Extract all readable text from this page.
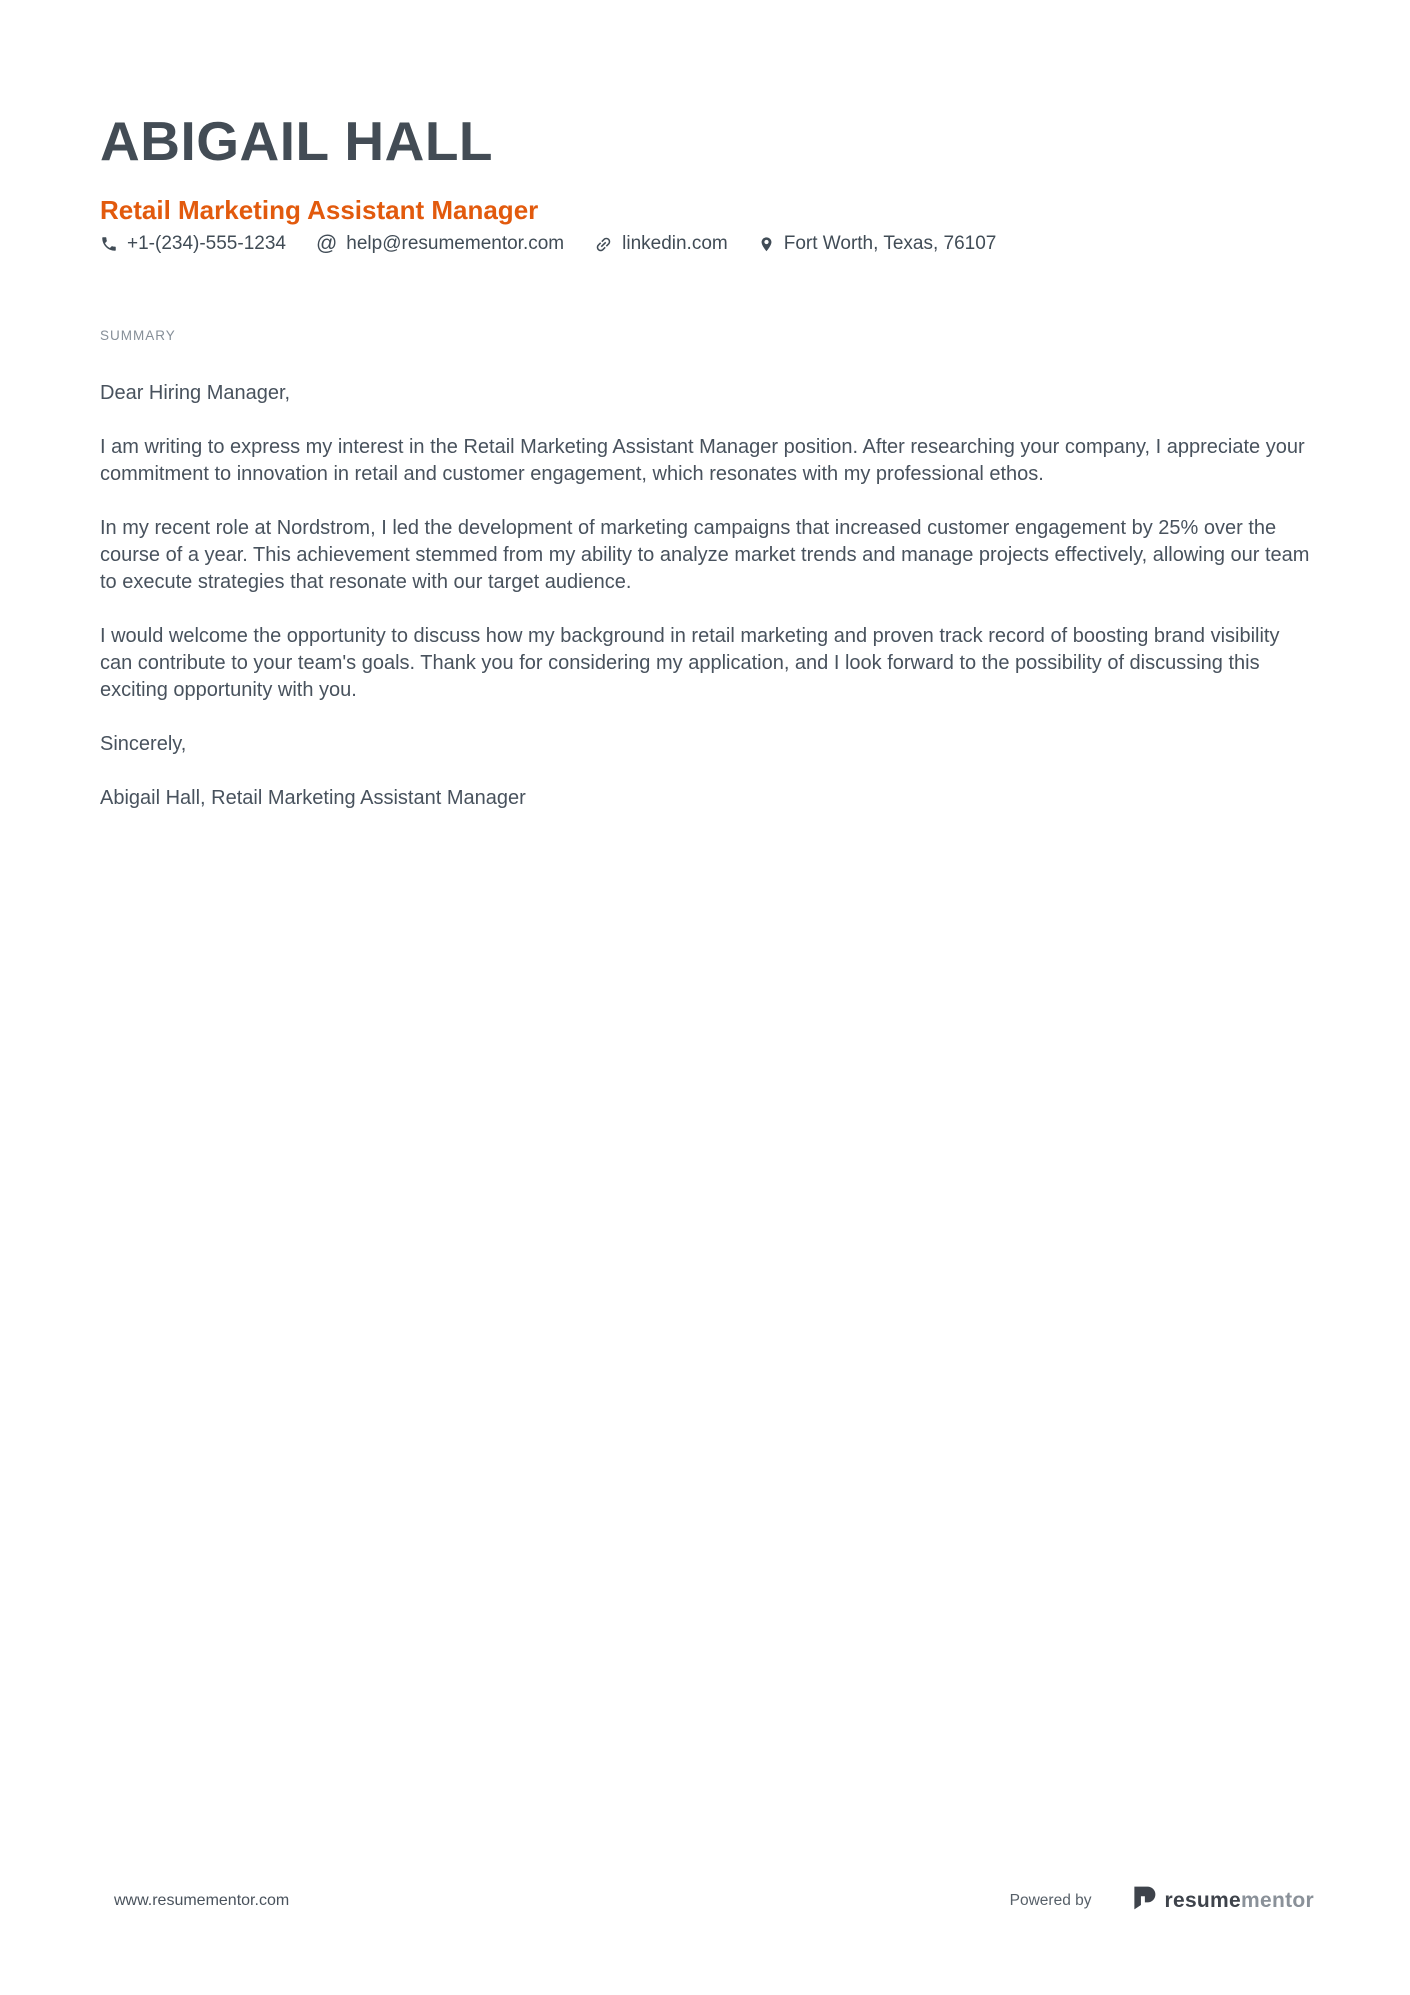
ABIGAIL HALL
Retail Marketing Assistant Manager
+1-(234)-555-1234 @ help@resumementor.com	linkedin.com	Fort Worth, Texas, 76107
SUMMARY

Dear Hiring Manager,

I am writing to express my interest in the Retail Marketing Assistant Manager position. After researching your company, I appreciate your commitment to innovation in retail and customer engagement, which resonates with my professional ethos.

In my recent role at Nordstrom, I led the development of marketing campaigns that increased customer engagement by 25% over the course of a year. This achievement stemmed from my ability to analyze market trends and manage projects effectively, allowing our team to execute strategies that resonate with our target audience.

I would welcome the opportunity to discuss how my background in retail marketing and proven track record of boosting brand visibility can contribute to your team's goals. Thank you for considering my application, and I look forward to the possibility of discussing this exciting opportunity with you.

Sincerely,

Abigail Hall, Retail Marketing Assistant Manager

www.resumementor.com	Powered by	resumementor
